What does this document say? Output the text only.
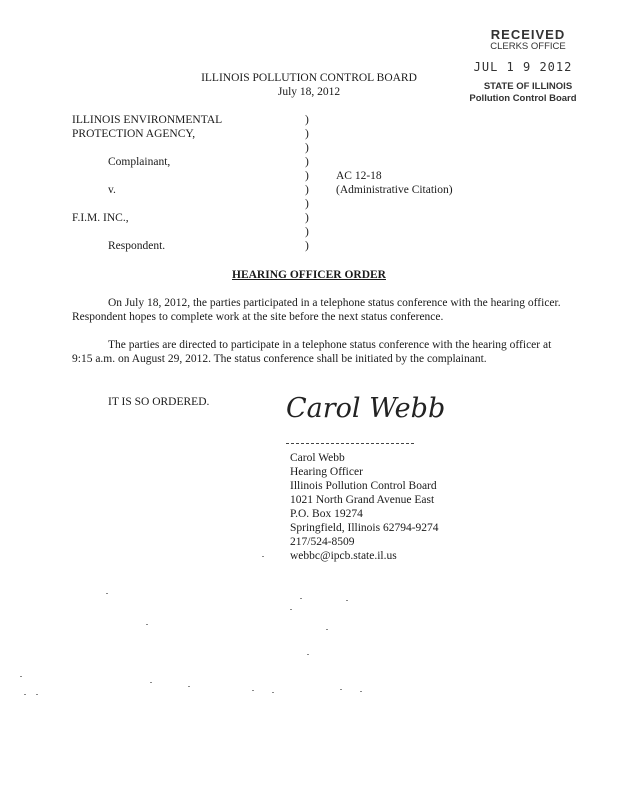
RECEIVED
CLERKS OFFICE
JUL 1 9 2012
STATE OF ILLINOIS
Pollution Control Board
ILLINOIS POLLUTION CONTROL BOARD
July 18, 2012
ILLINOIS ENVIRONMENTAL
PROTECTION AGENCY,
Complainant,
v.
F.I.M. INC.,
Respondent.
)
)
)
)
)
)
)
)
)
)
AC 12-18
(Administrative Citation)
HEARING OFFICER ORDER
On July 18, 2012, the parties participated in a telephone status conference with the hearing officer. Respondent hopes to complete work at the site before the next status conference.
The parties are directed to participate in a telephone status conference with the hearing officer at 9:15 a.m. on August 29, 2012. The status conference shall be initiated by the complainant.
IT IS SO ORDERED.	Carol Webb
Carol Webb
Hearing Officer
Illinois Pollution Control Board
1021 North Grand Avenue East
P.O. Box 19274
Springfield, Illinois 62794-9274
217/524-8509
webbc@ipcb.state.il.us
